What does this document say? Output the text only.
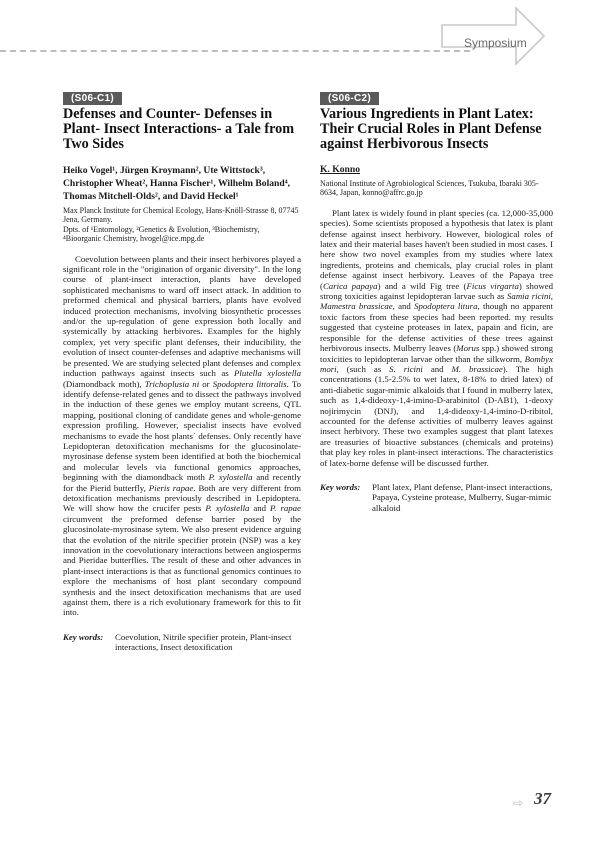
Symposium
(S06-C1)
Defenses and Counter- Defenses in Plant- Insect Interactions- a Tale from Two Sides
Heiko Vogel¹, Jürgen Kroymann², Ute Wittstock³, Christopher Wheat², Hanna Fischer¹, Wilhelm Boland⁴, Thomas Mitchell-Olds², and David Heckel¹
Max Planck Institute for Chemical Ecology, Hans-Knöll-Strasse 8, 07745
Jena, Germany.
Dpts. of ¹Entomology, ²Genetics & Evolution, ³Biochemistry,
⁴Bioorganic Chemistry, hvogel@ice.mpg.de

Coevolution between plants and their insect herbivores played a significant role in the "origination of organic diversity". In the long course of plant-insect interaction, plants have developed sophisticated mechanisms to ward off insect attack. In addition to preformed chemical and physical barriers, plants have evolved induced protection mechanisms, involving biosynthetic processes and/or the up-regulation of gene expression both locally and systemically by attacking herbivores. Examples for the highly complex, yet very specific plant defenses, their inducibility, the evolution of insect counter-defenses and adaptive mechanisms will be presented. We are studying selected plant defenses and complex induction pathways against insects such as Plutella xylostella (Diamondback moth), Trichoplusia ni or Spodoptera littoralis. To identify defense-related genes and to dissect the pathways involved in the induction of these genes we employ mutant screens, QTL mapping, positional cloning of candidate genes and whole-genome expression profiling. However, specialist insects have evolved mechanisms to evade the host plants´ defenses. Only recently have Lepidopteran detoxification mechanisms for the glucosinolate-myrosinase defense system been identified at both the biochemical and molecular levels via functional genomics approaches, beginning with the diamondback moth P. xylostella and recently for the Pierid butterfly, Pieris rapae. Both are very different from detoxification mechanisms previously described in Lepidoptera. We will show how the crucifer pests P. xylostella and P. rapae circumvent the preformed defense barrier posed by the glucosinolate-myrosinase sytem. We also present evidence arguing that the evolution of the nitrile specifier protein (NSP) was a key innovation in the coevolutionary interactions between angiosperms and Pieridae butterflies. The result of these and other advances in plant-insect interactions is that as functional genomics continues to explore the mechanisms of host plant secondary compound synthesis and the insect detoxification mechanisms that are used against them, there is a rich evolutionary framework for this to fit into.

Key words:	Coevolution, Nitrile specifier protein, Plant-insect interactions, Insect detoxification
(S06-C2)
Various Ingredients in Plant Latex: Their Crucial Roles in Plant Defense against Herbivorous Insects
K. Konno
National Institute of Agrobiological Sciences, Tsukuba, Ibaraki 305-8634, Japan, konno@affrc.go.jp

Plant latex is widely found in plant species (ca. 12,000-35,000 species). Some scientists proposed a hypothesis that latex is plant defense against insect herbivory. However, biological roles of latex and their material bases haven't been studied in most cases. I here show two novel examples from my studies where latex ingredients, proteins and chemicals, play crucial roles in plant defense against insect herbivory. Leaves of the Papaya tree (Carica papaya) and a wild Fig tree (Ficus virgarta) showed strong toxicities against lepidopteran larvae such as Samia ricini, Mamestra brassicae, and Spodoptera litura, though no apparent toxic factors from these species had been reported. my results suggested that cysteine proteases in latex, papain and ficin, are responsible for the defense activities of these trees against herbivorous insects. Mulberry leaves (Morus spp.) showed strong toxicities to lepidopteran larvae other than the silkworm, Bombyx mori, (such as S. ricini and M. brassicae). The high concentrations (1.5-2.5% to wet latex, 8-18% to dried latex) of anti-diabetic sugar-mimic alkaloids that I found in mulberry latex, such as 1,4-dideoxy-1,4-imino-D-arabinitol (D-AB1), 1-deoxy nojirimycin (DNJ), and 1,4-dideoxy-1,4-imino-D-ribitol, accounted for the defense activities of mulberry leaves against insect herbivory. These two examples suggest that plant latexes are treasuries of bioactive substances (chemicals and proteins) that play key roles in plant-insect interactions. The characteristics of latex-borne defense will be discussed further.

Key words:	Plant latex, Plant defense, Plant-insect interactions, Papaya, Cysteine protease, Mulberry, Sugar-mimic alkaloid
⇨ 37
